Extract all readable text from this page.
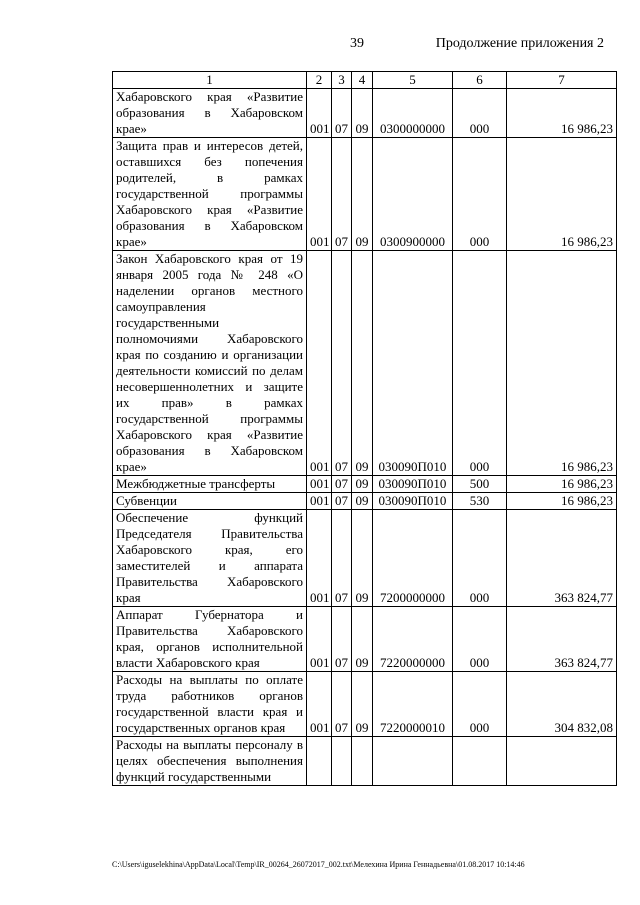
39	Продолжение приложения 2
1	2	3	4	5	6	7
Хабаровского края «Развитие образования в Хабаровском крае»	001	07	09	0300000000	000	16 986,23
Защита прав и интересов детей, оставшихся без попечения родителей, в рамках государственной программы Хабаровского края «Развитие образования в Хабаровском крае»	001	07	09	0300900000	000	16 986,23
Закон Хабаровского края от 19 января 2005 года № 248 «О наделении органов местного самоуправления государственными полномочиями Хабаровского края по созданию и организации деятельности комиссий по делам несовершеннолетних и защите их прав» в рамках государственной программы Хабаровского края «Развитие образования в Хабаровском крае»	001	07	09	030090П010	000	16 986,23
Межбюджетные трансферты	001	07	09	030090П010	500	16 986,23
Субвенции	001	07	09	030090П010	530	16 986,23
Обеспечение функций Председателя Правительства Хабаровского края, его заместителей и аппарата Правительства Хабаровского края	001	07	09	7200000000	000	363 824,77
Аппарат Губернатора и Правительства Хабаровского края, органов исполнительной власти Хабаровского края	001	07	09	7220000000	000	363 824,77
Расходы на выплаты по оплате труда работников органов государственной власти края и государственных органов края	001	07	09	7220000010	000	304 832,08
Расходы на выплаты персоналу в целях обеспечения выполнения функций государственными						
C:\Users\iguselekhina\AppData\Local\Temp\IR_00264_26072017_002.txt\Мелехина Ирина Геннадьевна\01.08.2017 10:14:46
